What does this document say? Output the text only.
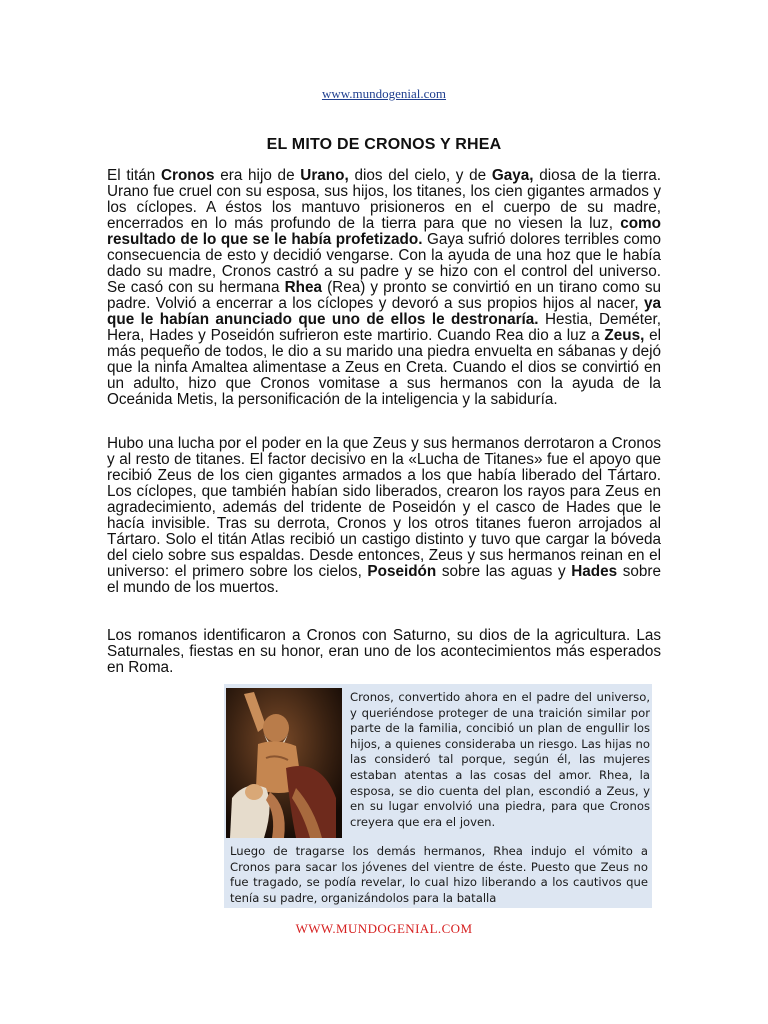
www.mundogenial.com
EL MITO DE CRONOS Y RHEA
El titán Cronos era hijo de Urano, dios del cielo, y de Gaya, diosa de la tierra. Urano fue cruel con su esposa, sus hijos, los titanes, los cien gigantes armados y los cíclopes. A éstos los mantuvo prisioneros en el cuerpo de su madre, encerrados en lo más profundo de la tierra para que no viesen la luz, como resultado de lo que se le había profetizado. Gaya sufrió dolores terribles como consecuencia de esto y decidió vengarse. Con la ayuda de una hoz que le había dado su madre, Cronos castró a su padre y se hizo con el control del universo. Se casó con su hermana Rhea (Rea) y pronto se convirtió en un tirano como su padre. Volvió a encerrar a los cíclopes y devoró a sus propios hijos al nacer, ya que le habían anunciado que uno de ellos le destronaría. Hestia, Deméter, Hera, Hades y Poseidón sufrieron este martirio. Cuando Rea dio a luz a Zeus, el más pequeño de todos, le dio a su marido una piedra envuelta en sábanas y dejó que la ninfa Amaltea alimentase a Zeus en Creta. Cuando el dios se convirtió en un adulto, hizo que Cronos vomitase a sus hermanos con la ayuda de la Oceánida Metis, la personificación de la inteligencia y la sabiduría.
Hubo una lucha por el poder en la que Zeus y sus hermanos derrotaron a Cronos y al resto de titanes. El factor decisivo en la «Lucha de Titanes» fue el apoyo que recibió Zeus de los cien gigantes armados a los que había liberado del Tártaro. Los cíclopes, que también habían sido liberados, crearon los rayos para Zeus en agradecimiento, además del tridente de Poseidón y el casco de Hades que le hacía invisible. Tras su derrota, Cronos y los otros titanes fueron arrojados al Tártaro. Solo el titán Atlas recibió un castigo distinto y tuvo que cargar la bóveda del cielo sobre sus espaldas. Desde entonces, Zeus y sus hermanos reinan en el universo: el primero sobre los cielos, Poseidón sobre las aguas y Hades sobre el mundo de los muertos.
Los romanos identificaron a Cronos con Saturno, su dios de la agricultura. Las Saturnales, fiestas en su honor, eran uno de los acontecimientos más esperados en Roma.
Cronos, convertido ahora en el padre del universo, y queriéndose proteger de una traición similar por parte de la familia, concibió un plan de engullir los hijos, a quienes consideraba un riesgo. Las hijas no las consideró tal porque, según él, las mujeres estaban atentas a las cosas del amor. Rhea, la esposa, se dio cuenta del plan, escondió a Zeus, y en su lugar envolvió una piedra, para que Cronos creyera que era el joven.
Luego de tragarse los demás hermanos, Rhea indujo el vómito a Cronos para sacar los jóvenes del vientre de éste. Puesto que Zeus no fue tragado, se podía revelar, lo cual hizo liberando a los cautivos que tenía su padre, organizándolos para la batalla
WWW.MUNDOGENIAL.COM
